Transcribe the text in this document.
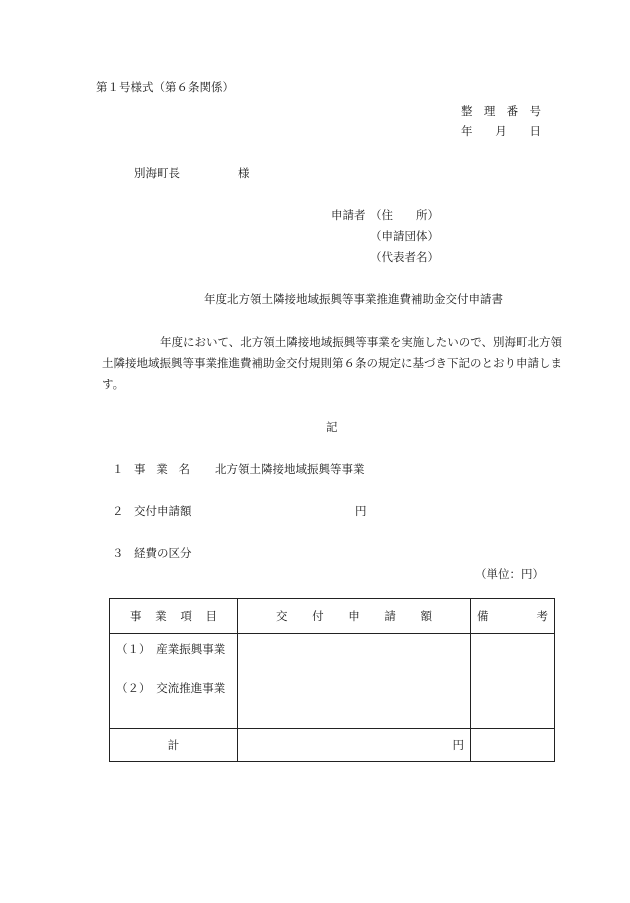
第１号様式（第６条関係）
整 理 番 号
年 月 日
別海町長	様
申請者 （住　　所）
（申請団体）
（代表者名）
年度北方領土隣接地域振興等事業推進費補助金交付申請書
年度において、北方領土隣接地域振興等事業を実施したいので、別海町北方領土隣接地域振興等事業推進費補助金交付規則第６条の規定に基づき下記のとおり申請します。
記
１ 事 業 名 北方領土隣接地域振興等事業
２ 交付申請額	円
３ 経費の区分
（単位：円）
事 業 項 目	交 付 申 請 額	備 考

（１）　産業振興事業
（２）　交流推進事業		

計	円	
